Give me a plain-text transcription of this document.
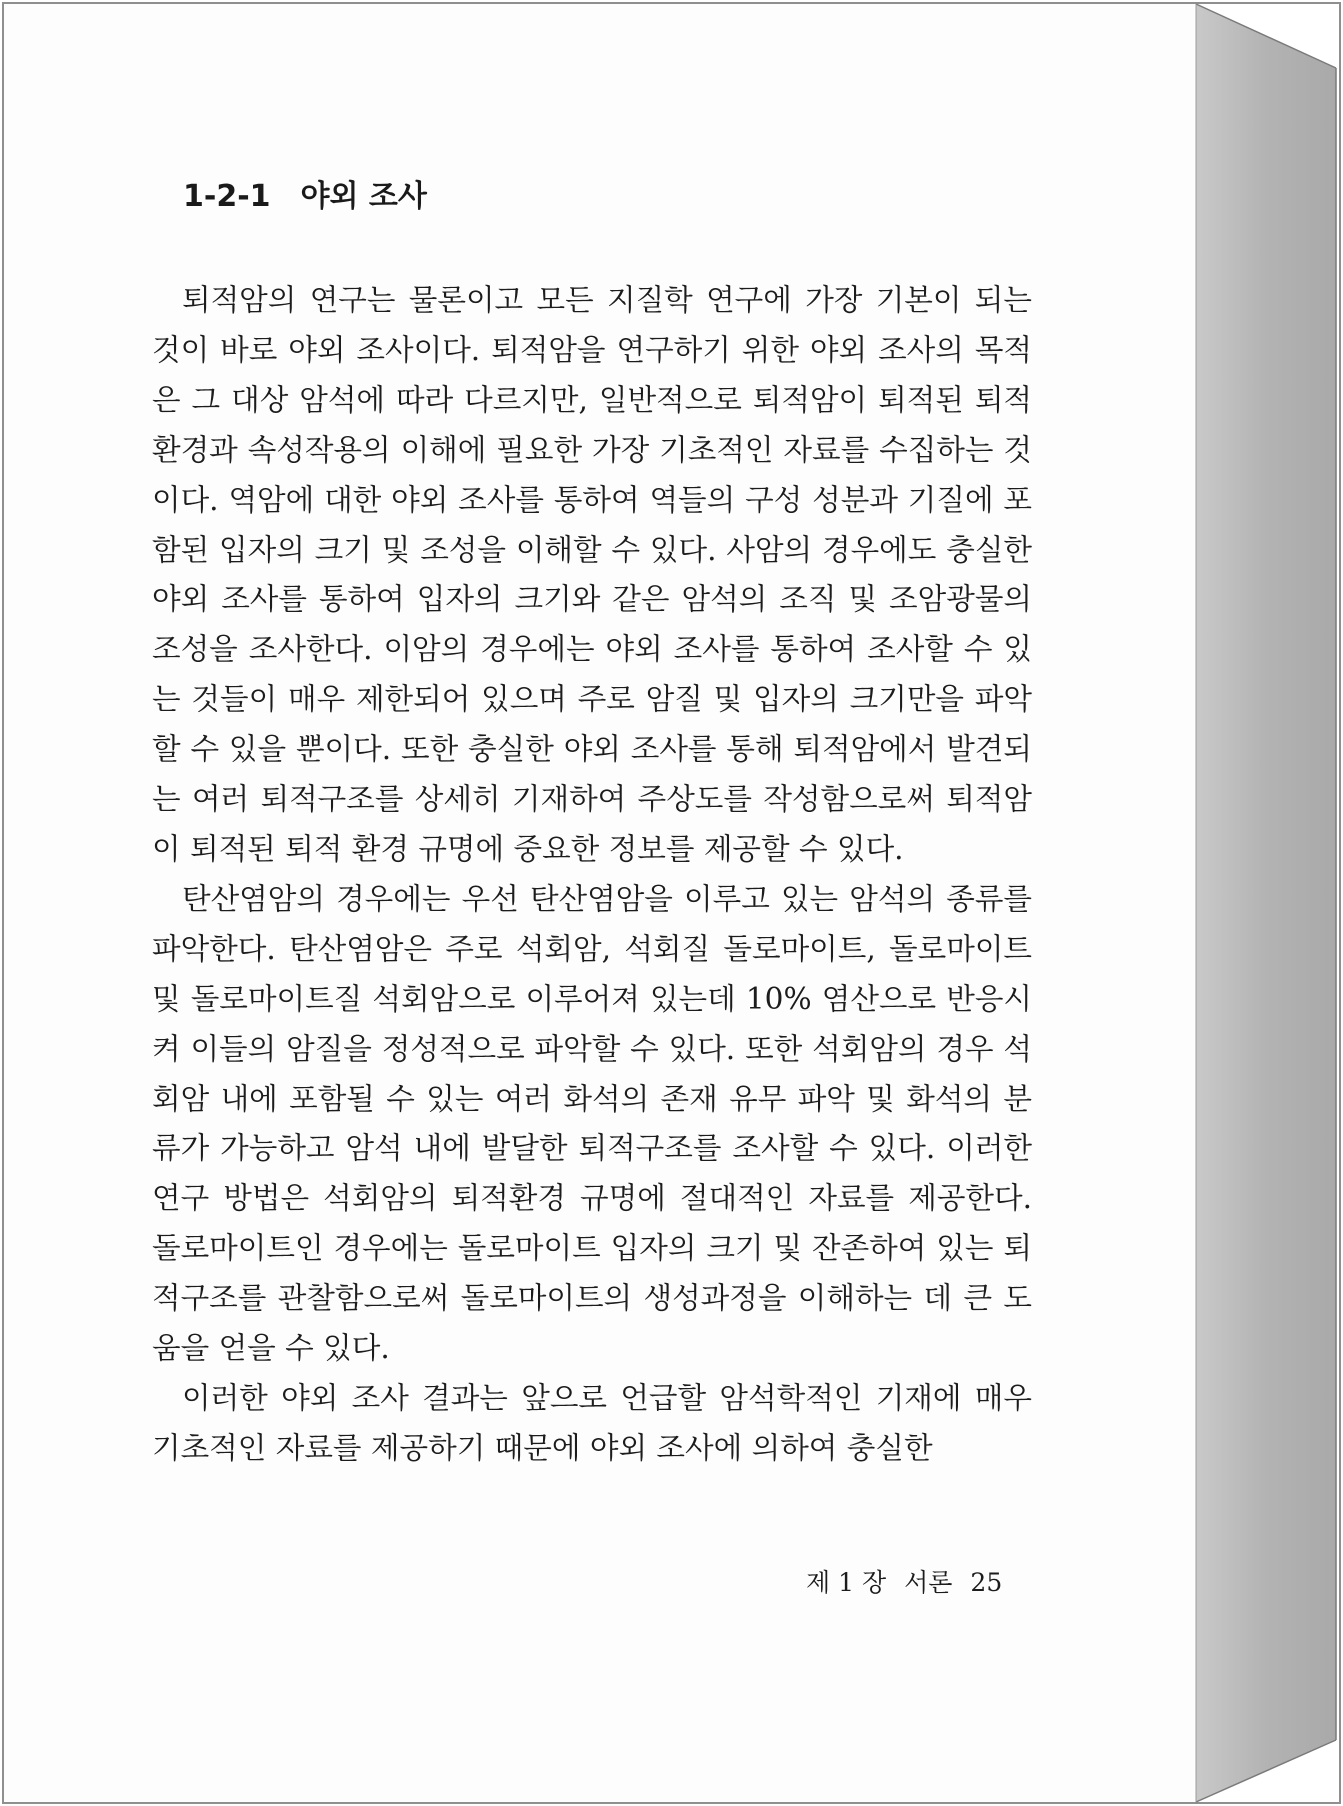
1-2-1 야외 조사

퇴적암의 연구는 물론이고 모든 지질학 연구에 가장 기본이 되는 것이 바로 야외 조사이다. 퇴적암을 연구하기 위한 야외 조사의 목적은 그 대상 암석에 따라 다르지만, 일반적으로 퇴적암이 퇴적된 퇴적환경과 속성작용의 이해에 필요한 가장 기초적인 자료를 수집하는 것이다. 역암에 대한 야외 조사를 통하여 역들의 구성 성분과 기질에 포함된 입자의 크기 및 조성을 이해할 수 있다. 사암의 경우에도 충실한 야외 조사를 통하여 입자의 크기와 같은 암석의 조직 및 조암광물의 조성을 조사한다. 이암의 경우에는 야외 조사를 통하여 조사할 수 있는 것들이 매우 제한되어 있으며 주로 암질 및 입자의 크기만을 파악할 수 있을 뿐이다. 또한 충실한 야외 조사를 통해 퇴적암에서 발견되는 여러 퇴적구조를 상세히 기재하여 주상도를 작성함으로써 퇴적암이 퇴적된 퇴적 환경 규명에 중요한 정보를 제공할 수 있다.

탄산염암의 경우에는 우선 탄산염암을 이루고 있는 암석의 종류를 파악한다. 탄산염암은 주로 석회암, 석회질 돌로마이트, 돌로마이트 및 돌로마이트질 석회암으로 이루어져 있는데 10% 염산으로 반응시켜 이들의 암질을 정성적으로 파악할 수 있다. 또한 석회암의 경우 석회암 내에 포함될 수 있는 여러 화석의 존재 유무 파악 및 화석의 분류가 가능하고 암석 내에 발달한 퇴적구조를 조사할 수 있다. 이러한 연구 방법은 석회암의 퇴적환경 규명에 절대적인 자료를 제공한다. 돌로마이트인 경우에는 돌로마이트 입자의 크기 및 잔존하여 있는 퇴적구조를 관찰함으로써 돌로마이트의 생성과정을 이해하는 데 큰 도움을 얻을 수 있다.

이러한 야외 조사 결과는 앞으로 언급할 암석학적인 기재에 매우 기초적인 자료를 제공하기 때문에 야외 조사에 의하여 충실한

제 1 장 서론 25
